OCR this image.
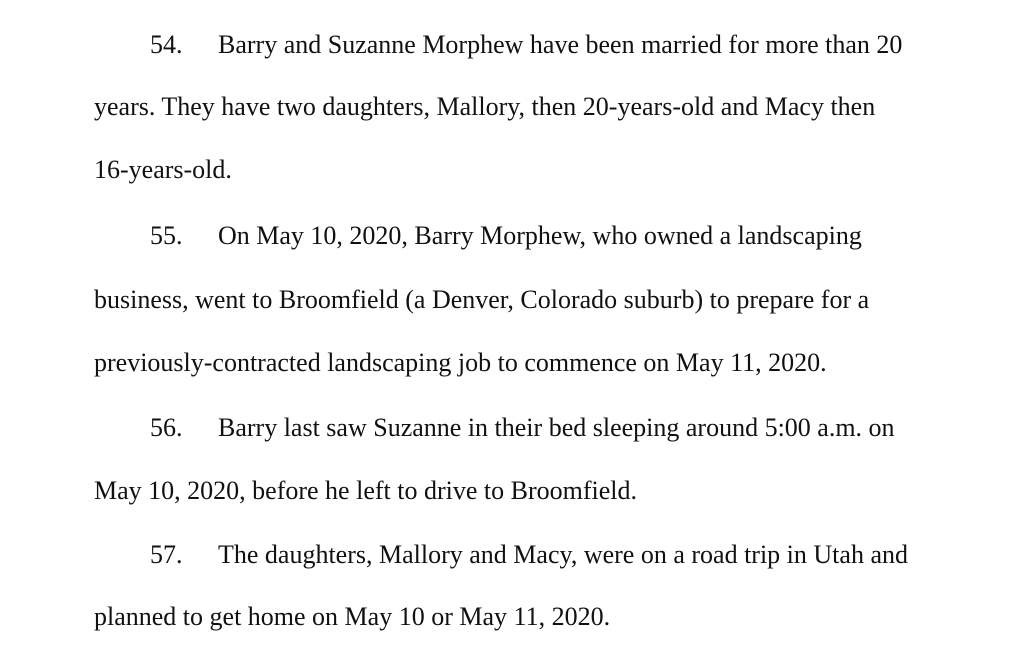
54. Barry and Suzanne Morphew have been married for more than 20
years. They have two daughters, Mallory, then 20-years-old and Macy then
16-years-old.
55. On May 10, 2020, Barry Morphew, who owned a landscaping
business, went to Broomfield (a Denver, Colorado suburb) to prepare for a
previously-contracted landscaping job to commence on May 11, 2020.
56. Barry last saw Suzanne in their bed sleeping around 5:00 a.m. on
May 10, 2020, before he left to drive to Broomfield.
57. The daughters, Mallory and Macy, were on a road trip in Utah and
planned to get home on May 10 or May 11, 2020.
